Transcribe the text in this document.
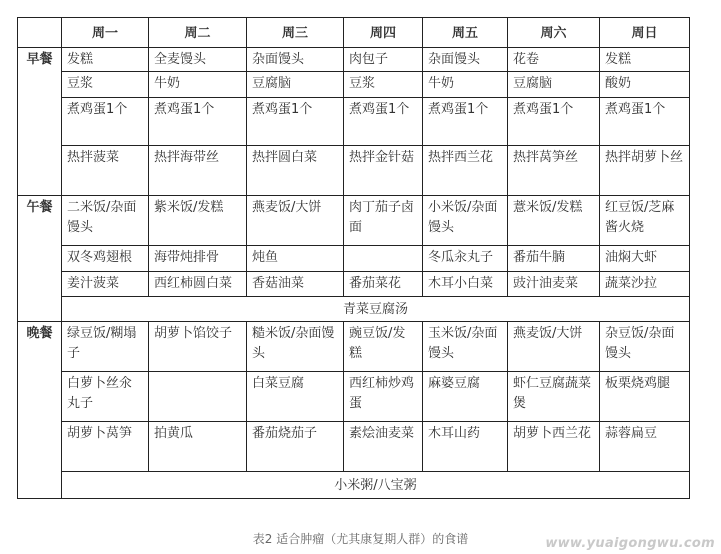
	周一	周二	周三	周四	周五	周六	周日
早餐	发糕	全麦馒头	杂面馒头	肉包子	杂面馒头	花卷	发糕
	豆浆	牛奶	豆腐脑	豆浆	牛奶	豆腐脑	酸奶
	煮鸡蛋1个	煮鸡蛋1个	煮鸡蛋1个	煮鸡蛋1个	煮鸡蛋1个	煮鸡蛋1个	煮鸡蛋1个
	热拌菠菜	热拌海带丝	热拌圆白菜	热拌金针菇	热拌西兰花	热拌莴笋丝	热拌胡萝卜丝
午餐	二米饭/杂面馒头	紫米饭/发糕	燕麦饭/大饼	肉丁茄子卤面	小米饭/杂面馒头	薏米饭/发糕	红豆饭/芝麻酱火烧
	双冬鸡翅根	海带炖排骨	炖鱼		冬瓜汆丸子	番茄牛腩	油焖大虾
	姜汁菠菜	西红柿圆白菜	香菇油菜	番茄菜花	木耳小白菜	豉汁油麦菜	蔬菜沙拉
	青菜豆腐汤						
晚餐	绿豆饭/糊塌子	胡萝卜馅饺子	糙米饭/杂面馒头	豌豆饭/发糕	玉米饭/杂面馒头	燕麦饭/大饼	杂豆饭/杂面馒头
	白萝卜丝氽丸子		白菜豆腐	西红柿炒鸡蛋	麻婆豆腐	虾仁豆腐蔬菜煲	板栗烧鸡腿
	胡萝卜莴笋	拍黄瓜	番茄烧茄子	素烩油麦菜	木耳山药	胡萝卜西兰花	蒜蓉扁豆
	小米粥/八宝粥						
表2 适合肿瘤（尤其康复期人群）的食谱	www.yuaigongwu.com
